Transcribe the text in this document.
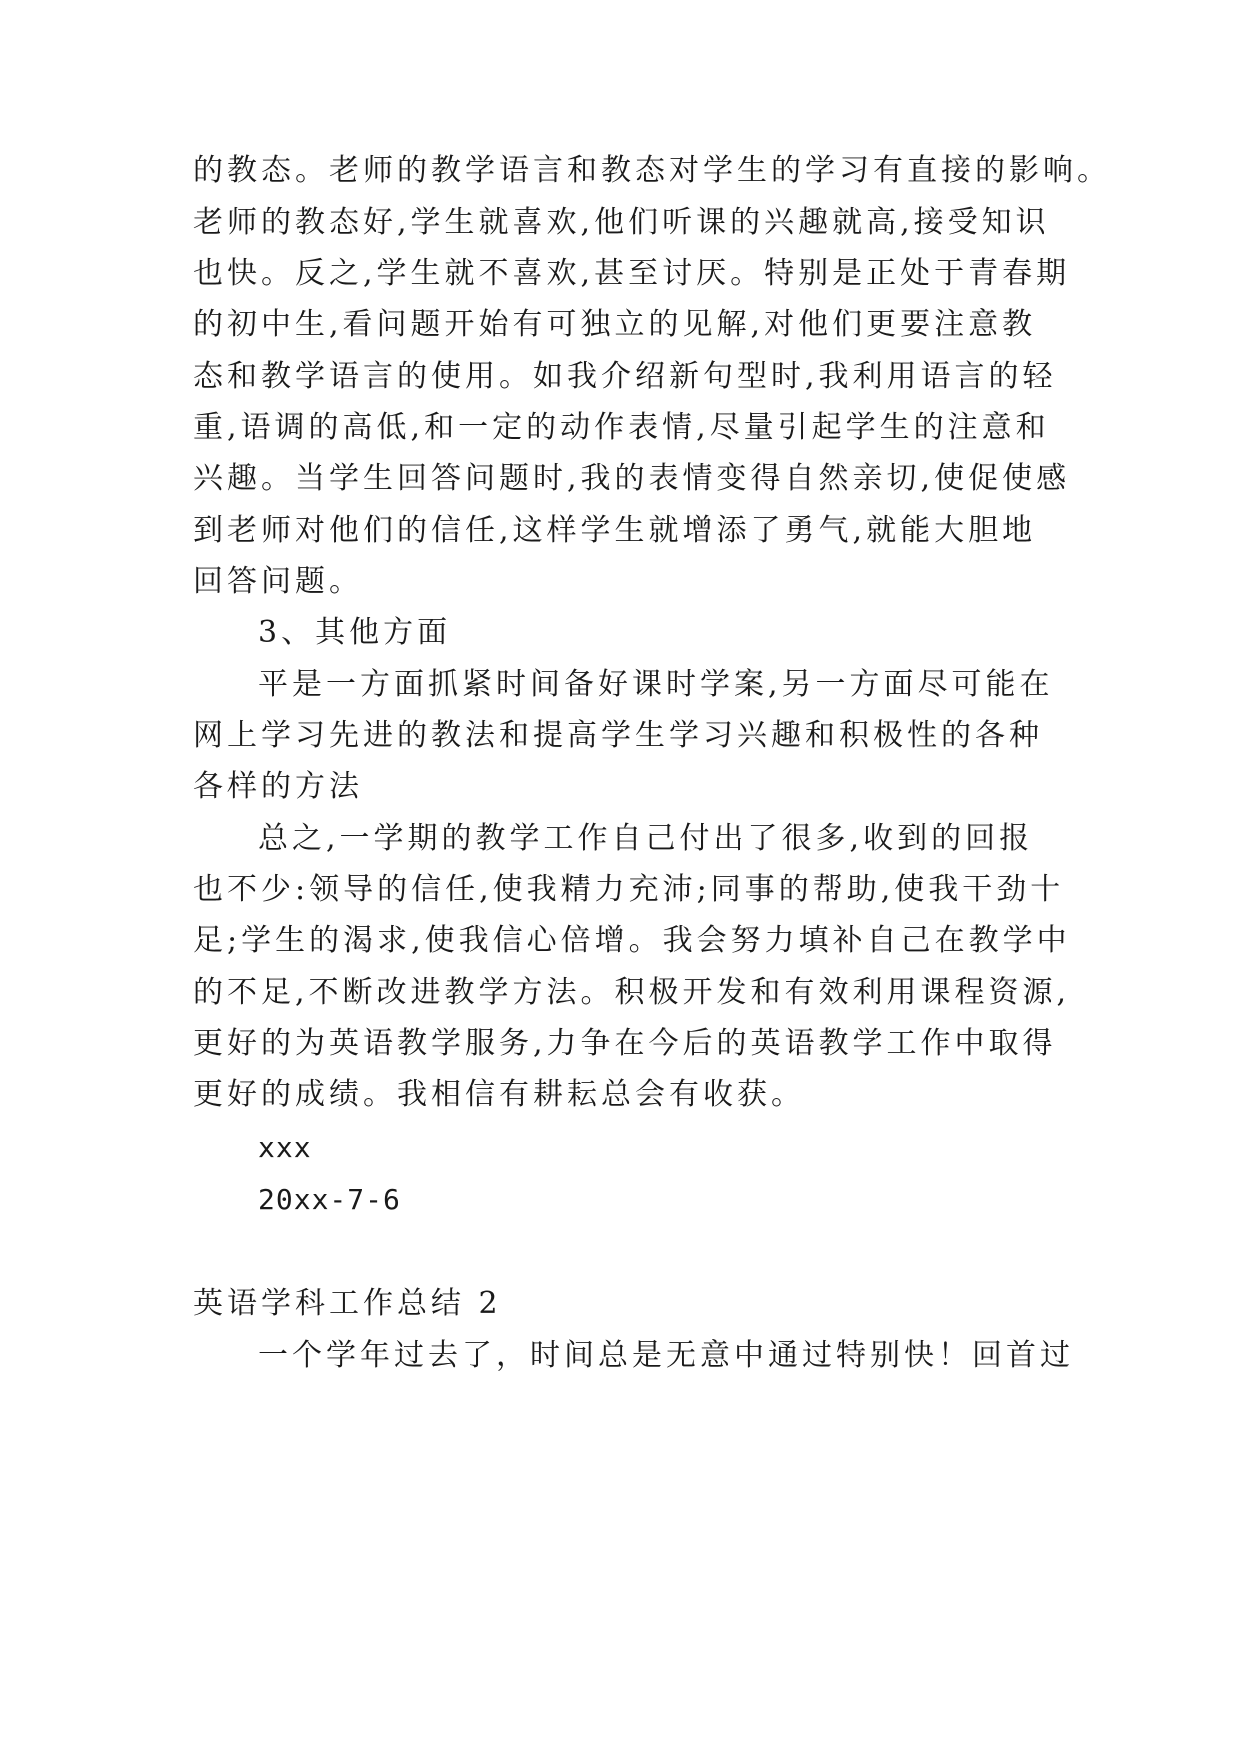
的教态。老师的教学语言和教态对学生的学习有直接的影响。
老师的教态好,学生就喜欢,他们听课的兴趣就高,接受知识
也快。反之,学生就不喜欢,甚至讨厌。特别是正处于青春期
的初中生,看问题开始有可独立的见解,对他们更要注意教
态和教学语言的使用。如我介绍新句型时,我利用语言的轻
重,语调的高低,和一定的动作表情,尽量引起学生的注意和
兴趣。当学生回答问题时,我的表情变得自然亲切,使促使感
到老师对他们的信任,这样学生就增添了勇气,就能大胆地
回答问题。
3、其他方面
平是一方面抓紧时间备好课时学案,另一方面尽可能在
网上学习先进的教法和提高学生学习兴趣和积极性的各种
各样的方法
总之,一学期的教学工作自己付出了很多,收到的回报
也不少:领导的信任,使我精力充沛;同事的帮助,使我干劲十
足;学生的渴求,使我信心倍增。我会努力填补自己在教学中
的不足,不断改进教学方法。积极开发和有效利用课程资源,
更好的为英语教学服务,力争在今后的英语教学工作中取得
更好的成绩。我相信有耕耘总会有收获。
xxx
20xx-7-6
英语学科工作总结 2
一个学年过去了，时间总是无意中通过特别快！回首过
